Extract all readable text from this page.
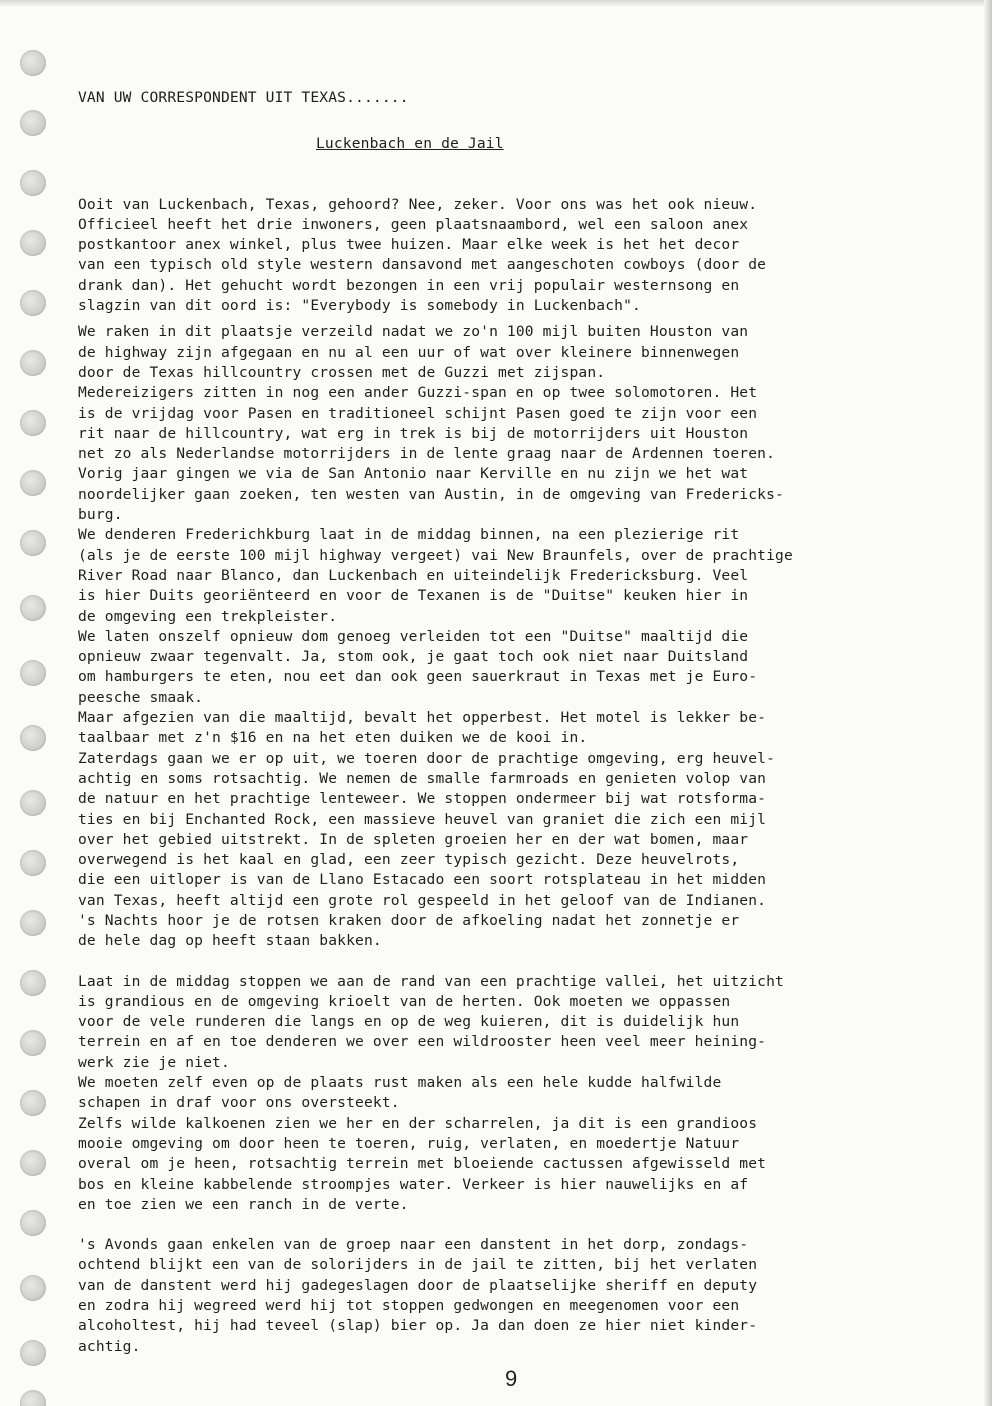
VAN UW CORRESPONDENT UIT TEXAS.......

Luckenbach en de Jail

Ooit van Luckenbach, Texas, gehoord? Nee, zeker. Voor ons was het ook nieuw.
Officieel heeft het drie inwoners, geen plaatsnaambord, wel een saloon anex
postkantoor anex winkel, plus twee huizen. Maar elke week is het het decor
van een typisch old style western dansavond met aangeschoten cowboys (door de
drank dan). Het gehucht wordt bezongen in een vrij populair westernsong en
slagzin van dit oord is: "Everybody is somebody in Luckenbach".
We raken in dit plaatsje verzeild nadat we zo'n 100 mijl buiten Houston van
de highway zijn afgegaan en nu al een uur of wat over kleinere binnenwegen
door de Texas hillcountry crossen met de Guzzi met zijspan.
Medereizigers zitten in nog een ander Guzzi-span en op twee solomotoren. Het
is de vrijdag voor Pasen en traditioneel schijnt Pasen goed te zijn voor een
rit naar de hillcountry, wat erg in trek is bij de motorrijders uit Houston
net zo als Nederlandse motorrijders in de lente graag naar de Ardennen toeren.
Vorig jaar gingen we via de San Antonio naar Kerville en nu zijn we het wat
noordelijker gaan zoeken, ten westen van Austin, in de omgeving van Fredericks-
burg.
We denderen Frederichkburg laat in de middag binnen, na een plezierige rit
(als je de eerste 100 mijl highway vergeet) vai New Braunfels, over de prachtige
River Road naar Blanco, dan Luckenbach en uiteindelijk Fredericksburg. Veel
is hier Duits georiënteerd en voor de Texanen is de "Duitse" keuken hier in
de omgeving een trekpleister.
We laten onszelf opnieuw dom genoeg verleiden tot een "Duitse" maaltijd die
opnieuw zwaar tegenvalt. Ja, stom ook, je gaat toch ook niet naar Duitsland
om hamburgers te eten, nou eet dan ook geen sauerkraut in Texas met je Euro-
peesche smaak.
Maar afgezien van die maaltijd, bevalt het opperbest. Het motel is lekker be-
taalbaar met z'n $16 en na het eten duiken we de kooi in.
Zaterdags gaan we er op uit, we toeren door de prachtige omgeving, erg heuvel-
achtig en soms rotsachtig. We nemen de smalle farmroads en genieten volop van
de natuur en het prachtige lenteweer. We stoppen ondermeer bij wat rotsforma-
ties en bij Enchanted Rock, een massieve heuvel van graniet die zich een mijl
over het gebied uitstrekt. In de spleten groeien her en der wat bomen, maar
overwegend is het kaal en glad, een zeer typisch gezicht. Deze heuvelrots,
die een uitloper is van de Llano Estacado een soort rotsplateau in het midden
van Texas, heeft altijd een grote rol gespeeld in het geloof van de Indianen.
's Nachts hoor je de rotsen kraken door de afkoeling nadat het zonnetje er
de hele dag op heeft staan bakken.
Laat in de middag stoppen we aan de rand van een prachtige vallei, het uitzicht
is grandious en de omgeving krioelt van de herten. Ook moeten we oppassen
voor de vele runderen die langs en op de weg kuieren, dit is duidelijk hun
terrein en af en toe denderen we over een wildrooster heen veel meer heining-
werk zie je niet.
We moeten zelf even op de plaats rust maken als een hele kudde halfwilde
schapen in draf voor ons oversteekt.
Zelfs wilde kalkoenen zien we her en der scharrelen, ja dit is een grandioos
mooie omgeving om door heen te toeren, ruig, verlaten, en moedertje Natuur
overal om je heen, rotsachtig terrein met bloeiende cactussen afgewisseld met
bos en kleine kabbelende stroompjes water. Verkeer is hier nauwelijks en af
en toe zien we een ranch in de verte.
's Avonds gaan enkelen van de groep naar een danstent in het dorp, zondags-
ochtend blijkt een van de solorijders in de jail te zitten, bij het verlaten
van de danstent werd hij gadegeslagen door de plaatselijke sheriff en deputy
en zodra hij wegreed werd hij tot stoppen gedwongen en meegenomen voor een
alcoholtest, hij had teveel (slap) bier op. Ja dan doen ze hier niet kinder-
achtig.
9
